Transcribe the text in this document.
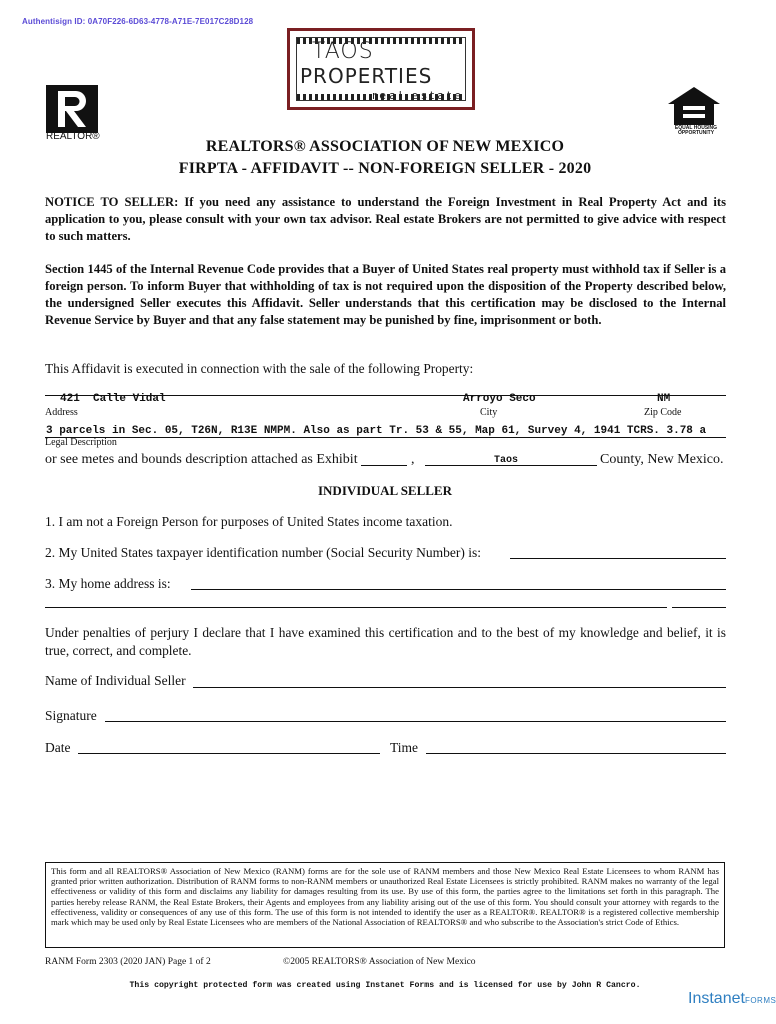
Authentisign ID: 0A70F226-6D63-4778-A71E-7E017C28D128
REALTOR®
TAOS
PROPERTIES
real estate
EQUAL HOUSING OPPORTUNITY
REALTORS® ASSOCIATION OF NEW MEXICO
FIRPTA - AFFIDAVIT -- NON-FOREIGN SELLER - 2020
NOTICE TO SELLER: If you need any assistance to understand the Foreign Investment in Real Property Act and its application to you, please consult with your own tax advisor. Real estate Brokers are not permitted to give advice with respect to such matters.
Section 1445 of the Internal Revenue Code provides that a Buyer of United States real property must withhold tax if Seller is a foreign person. To inform Buyer that withholding of tax is not required upon the disposition of the Property described below, the undersigned Seller executes this Affidavit. Seller understands that this certification may be disclosed to the Internal Revenue Service by Buyer and that any false statement may be punished by fine, imprisonment or both.
This Affidavit is executed in connection with the sale of the following Property:
421 Calle Vidal	Arroyo Seco	NM
Address	City	Zip Code
3 parcels in Sec. 05, T26N, R13E NMPM. Also as part Tr. 53 & 55, Map 61, Survey 4, 1941 TCRS. 3.78 a
Legal Description
or see metes and bounds description attached as Exhibit	,	Taos	County, New Mexico.
INDIVIDUAL SELLER
1. I am not a Foreign Person for purposes of United States income taxation.
2. My United States taxpayer identification number (Social Security Number) is:
3. My home address is:
Under penalties of perjury I declare that I have examined this certification and to the best of my knowledge and belief, it is true, correct, and complete.
Name of Individual Seller
Signature
Date	Time
This form and all REALTORS® Association of New Mexico (RANM) forms are for the sole use of RANM members and those New Mexico Real Estate Licensees to whom RANM has granted prior written authorization. Distribution of RANM forms to non-RANM members or unauthorized Real Estate Licensees is strictly prohibited. RANM makes no warranty of the legal effectiveness or validity of this form and disclaims any liability for damages resulting from its use. By use of this form, the parties agree to the limitations set forth in this paragraph. The parties hereby release RANM, the Real Estate Brokers, their Agents and employees from any liability arising out of the use of this form. You should consult your attorney with regards to the effectiveness, validity or consequences of any use of this form. The use of this form is not intended to identify the user as a REALTOR®. REALTOR® is a registered collective membership mark which may be used only by Real Estate Licensees who are members of the National Association of REALTORS® and who subscribe to the Association's strict Code of Ethics.
RANM Form 2303 (2020 JAN) Page 1 of 2	©2005 REALTORS® Association of New Mexico
This copyright protected form was created using Instanet Forms and is licensed for use by John R Cancro.
InstanetFORMS
